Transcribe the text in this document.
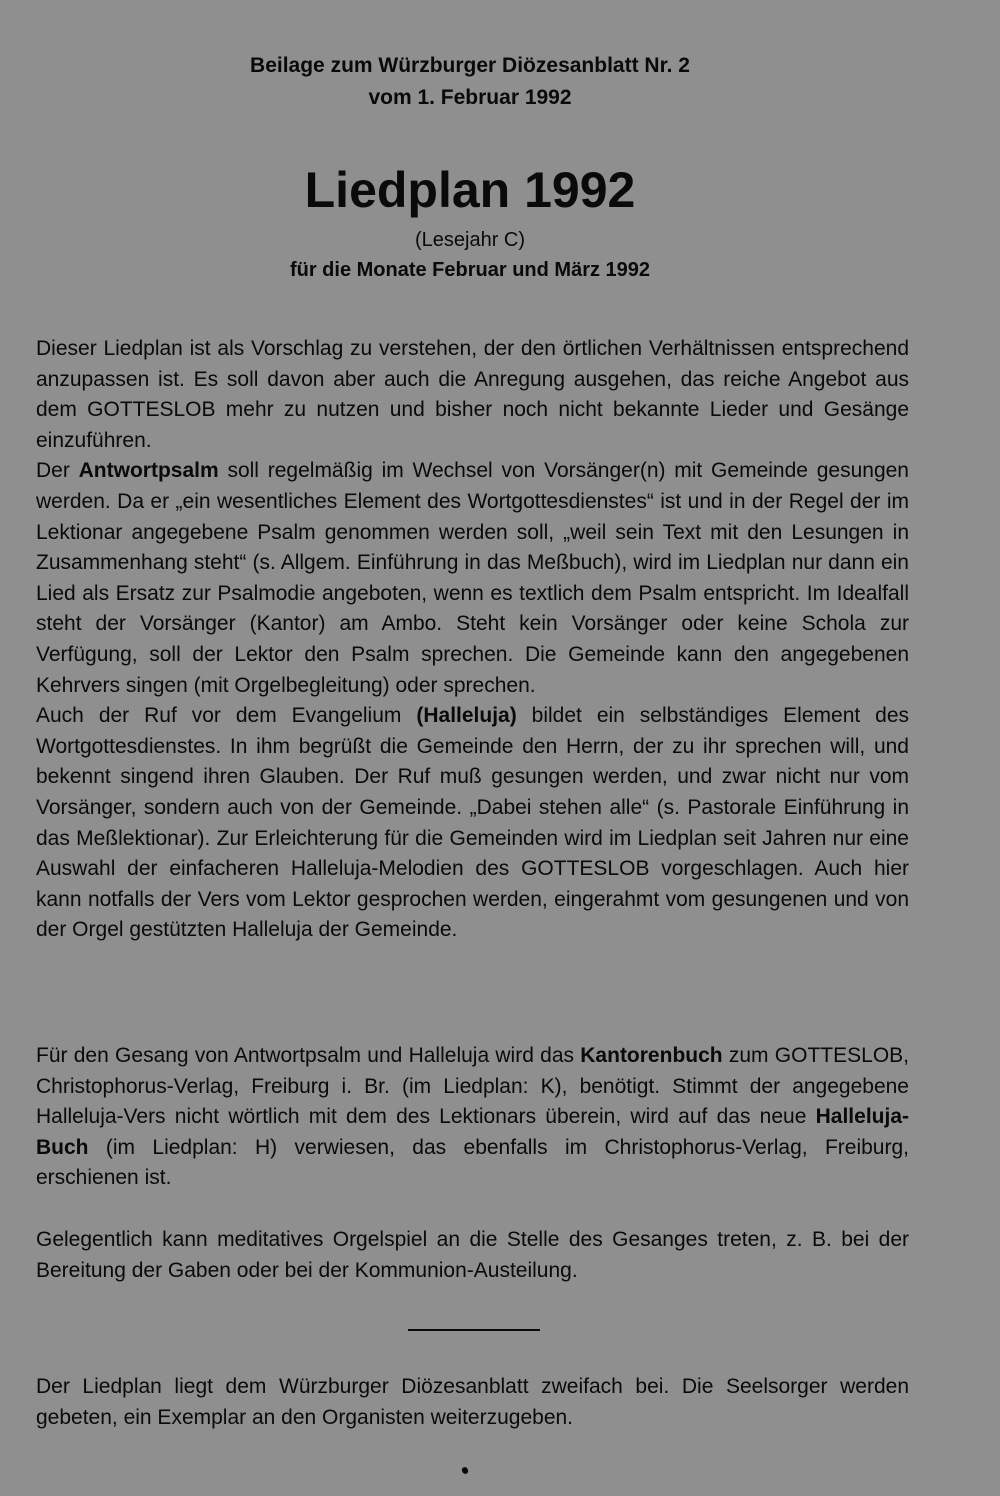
Beilage zum Würzburger Diözesanblatt Nr. 2
vom 1. Februar 1992
Liedplan 1992
(Lesejahr C)
für die Monate Februar und März 1992
Dieser Liedplan ist als Vorschlag zu verstehen, der den örtlichen Verhältnissen entsprechend anzupassen ist. Es soll davon aber auch die Anregung ausgehen, das reiche Angebot aus dem GOTTESLOB mehr zu nutzen und bisher noch nicht bekannte Lieder und Gesänge einzuführen.
Der Antwortpsalm soll regelmäßig im Wechsel von Vorsänger(n) mit Gemeinde gesungen werden. Da er „ein wesentliches Element des Wortgottesdienstes“ ist und in der Regel der im Lektionar angegebene Psalm genommen werden soll, „weil sein Text mit den Lesungen in Zusammenhang steht“ (s. Allgem. Einführung in das Meßbuch), wird im Liedplan nur dann ein Lied als Ersatz zur Psalmodie angeboten, wenn es textlich dem Psalm entspricht. Im Idealfall steht der Vorsänger (Kantor) am Ambo. Steht kein Vorsänger oder keine Schola zur Verfügung, soll der Lektor den Psalm sprechen. Die Gemeinde kann den angegebenen Kehrvers singen (mit Orgelbegleitung) oder sprechen.
Auch der Ruf vor dem Evangelium (Halleluja) bildet ein selbständiges Element des Wortgottesdienstes. In ihm begrüßt die Gemeinde den Herrn, der zu ihr sprechen will, und bekennt singend ihren Glauben. Der Ruf muß gesungen werden, und zwar nicht nur vom Vorsänger, sondern auch von der Gemeinde. „Dabei stehen alle“ (s. Pastorale Einführung in das Meßlektionar). Zur Erleichterung für die Gemeinden wird im Liedplan seit Jahren nur eine Auswahl der einfacheren Halleluja-Melodien des GOTTESLOB vorgeschlagen. Auch hier kann notfalls der Vers vom Lektor gesprochen werden, eingerahmt vom gesungenen und von der Orgel gestützten Halleluja der Gemeinde.
Für den Gesang von Antwortpsalm und Halleluja wird das Kantorenbuch zum GOTTESLOB, Christophorus-Verlag, Freiburg i. Br. (im Liedplan: K), benötigt. Stimmt der angegebene Halleluja-Vers nicht wörtlich mit dem des Lektionars überein, wird auf das neue Halleluja-Buch (im Liedplan: H) verwiesen, das ebenfalls im Christophorus-Verlag, Freiburg, erschienen ist.
Gelegentlich kann meditatives Orgelspiel an die Stelle des Gesanges treten, z. B. bei der Bereitung der Gaben oder bei der Kommunion-Austeilung.
Der Liedplan liegt dem Würzburger Diözesanblatt zweifach bei. Die Seelsorger werden gebeten, ein Exemplar an den Organisten weiterzugeben.
